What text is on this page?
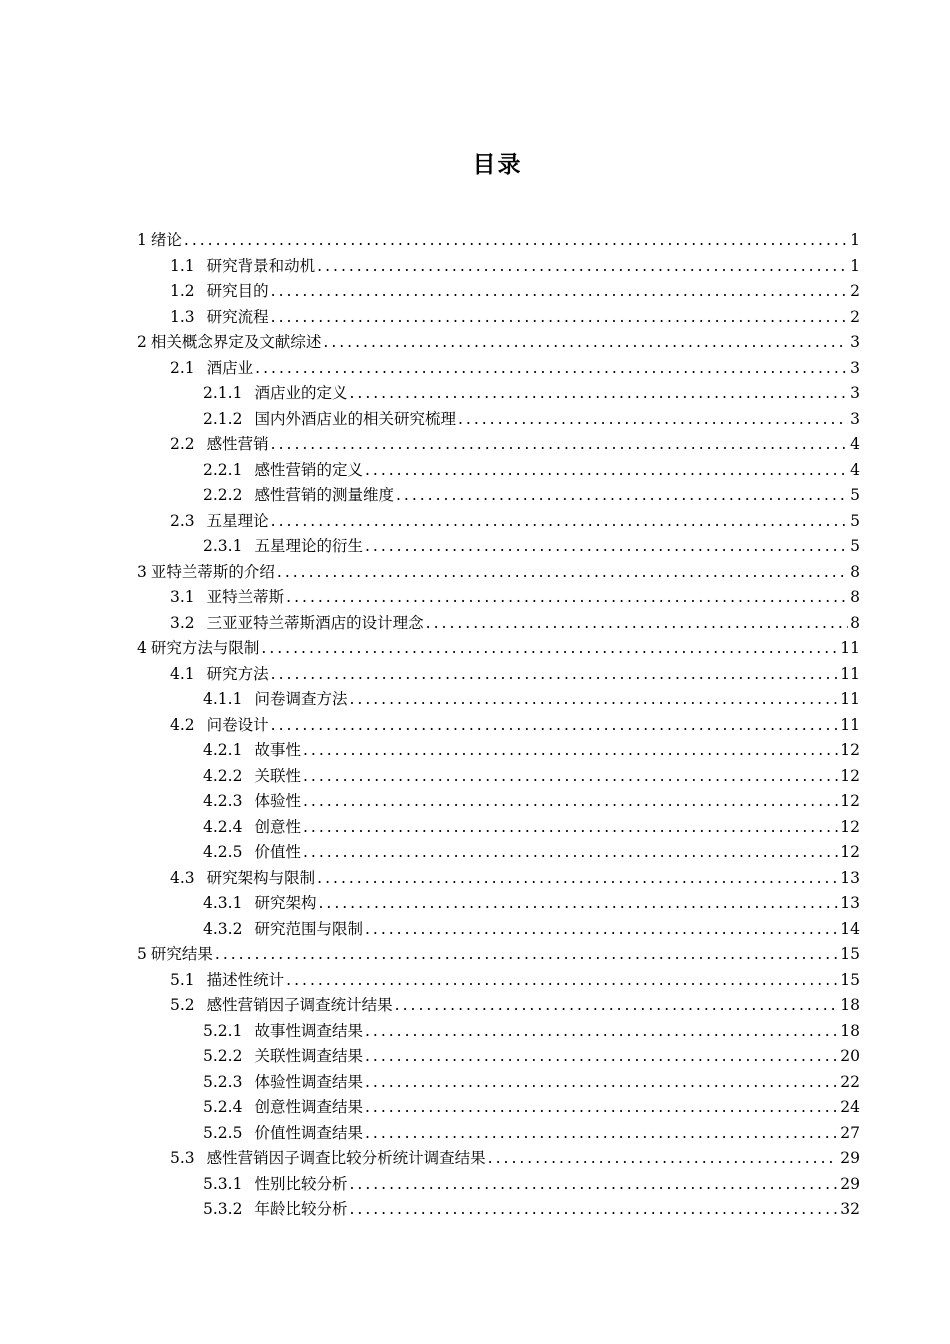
目录
1 绪论 .....	1
1.1 研究背景和动机 .....	1
1.2 研究目的 .....	2
1.3 研究流程 .....	2
2 相关概念界定及文献综述 .....	3
2.1 酒店业 .....	3
2.1.1 酒店业的定义 .....	3
2.1.2 国内外酒店业的相关研究梳理 .....	3
2.2 感性营销 .....	4
2.2.1 感性营销的定义 .....	4
2.2.2 感性营销的测量维度 .....	5
2.3 五星理论 .....	5
2.3.1 五星理论的衍生 .....	5
3 亚特兰蒂斯的介绍 .....	8
3.1 亚特兰蒂斯 .....	8
3.2 三亚亚特兰蒂斯酒店的设计理念 .....	8
4 研究方法与限制 .....	11
4.1 研究方法 .....	11
4.1.1 问卷调查方法 .....	11
4.2 问卷设计 .....	11
4.2.1 故事性 .....	12
4.2.2 关联性 .....	12
4.2.3 体验性 .....	12
4.2.4 创意性 .....	12
4.2.5 价值性 .....	12
4.3 研究架构与限制 .....	13
4.3.1 研究架构 .....	13
4.3.2 研究范围与限制 .....	14
5 研究结果 .....	15
5.1 描述性统计 .....	15
5.2 感性营销因子调查统计结果 .....	18
5.2.1 故事性调查结果 .....	18
5.2.2 关联性调查结果 .....	20
5.2.3 体验性调查结果 .....	22
5.2.4 创意性调查结果 .....	24
5.2.5 价值性调查结果 .....	27
5.3 感性营销因子调查比较分析统计调查结果 .....	29
5.3.1 性别比较分析 .....	29
5.3.2 年龄比较分析 .....	32
